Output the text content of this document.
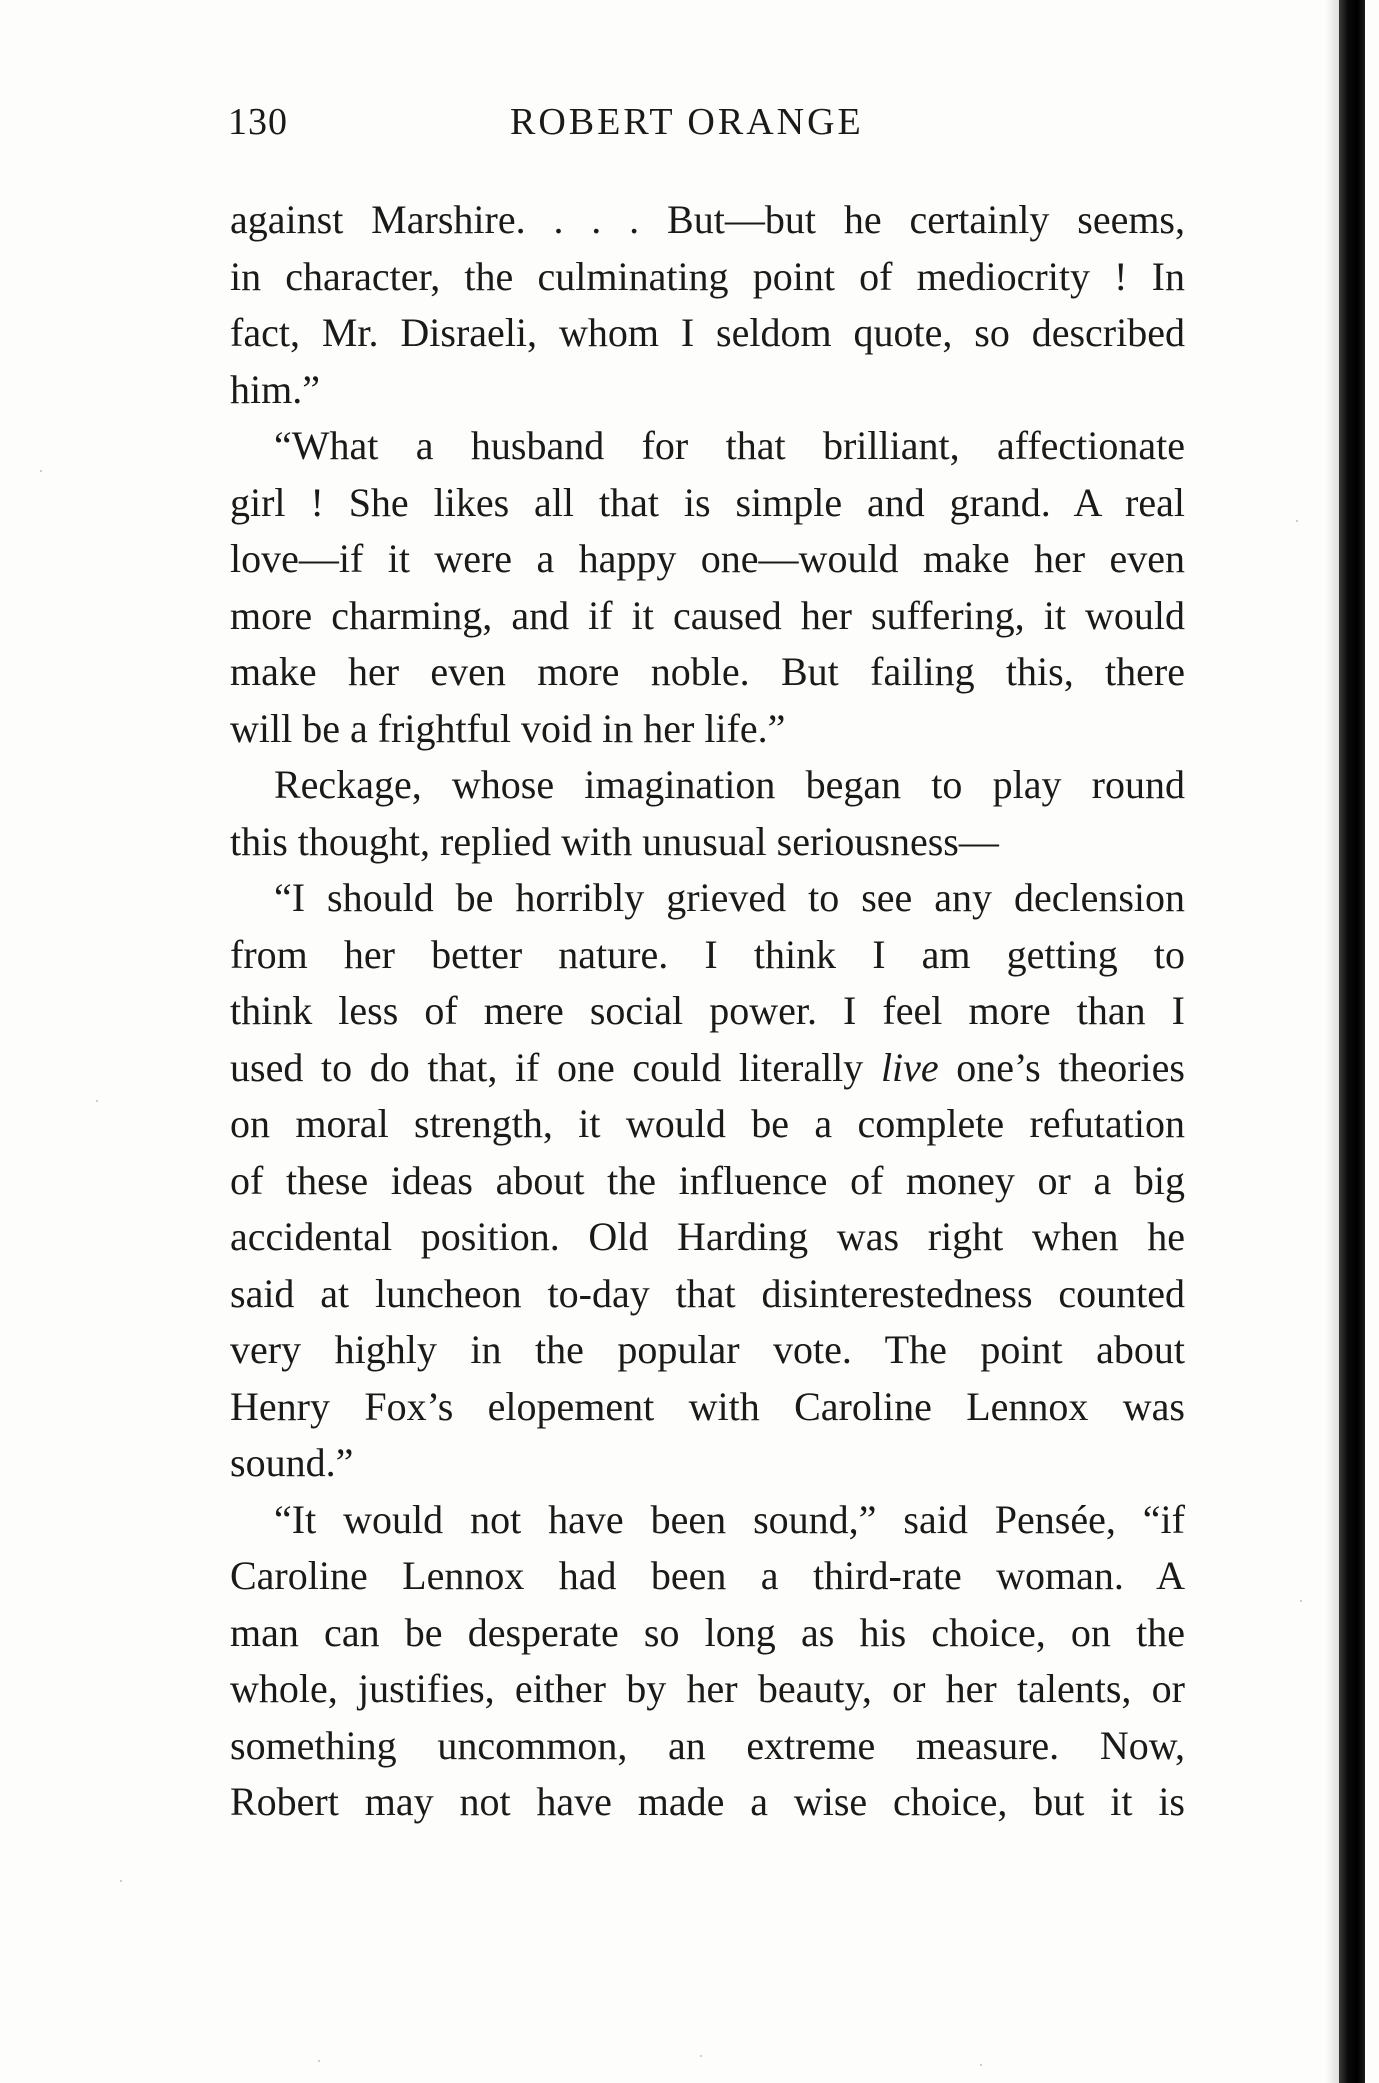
130	ROBERT ORANGE
against Marshire. . . . But—but he certainly seems,
in character, the culminating point of mediocrity ! In
fact, Mr. Disraeli, whom I seldom quote, so described
him.”
“What a husband for that brilliant, affectionate
girl ! She likes all that is simple and grand. A real
love—if it were a happy one—would make her even
more charming, and if it caused her suffering, it would
make her even more noble. But failing this, there
will be a frightful void in her life.”
Reckage, whose imagination began to play round
this thought, replied with unusual seriousness—
“I should be horribly grieved to see any declension
from her better nature. I think I am getting to
think less of mere social power. I feel more than I
used to do that, if one could literally live one’s theories
on moral strength, it would be a complete refutation
of these ideas about the influence of money or a big
accidental position. Old Harding was right when he
said at luncheon to-day that disinterestedness counted
very highly in the popular vote. The point about
Henry Fox’s elopement with Caroline Lennox was
sound.”
“It would not have been sound,” said Pensée, “if
Caroline Lennox had been a third-rate woman. A
man can be desperate so long as his choice, on the
whole, justifies, either by her beauty, or her talents, or
something uncommon, an extreme measure. Now,
Robert may not have made a wise choice, but it is
